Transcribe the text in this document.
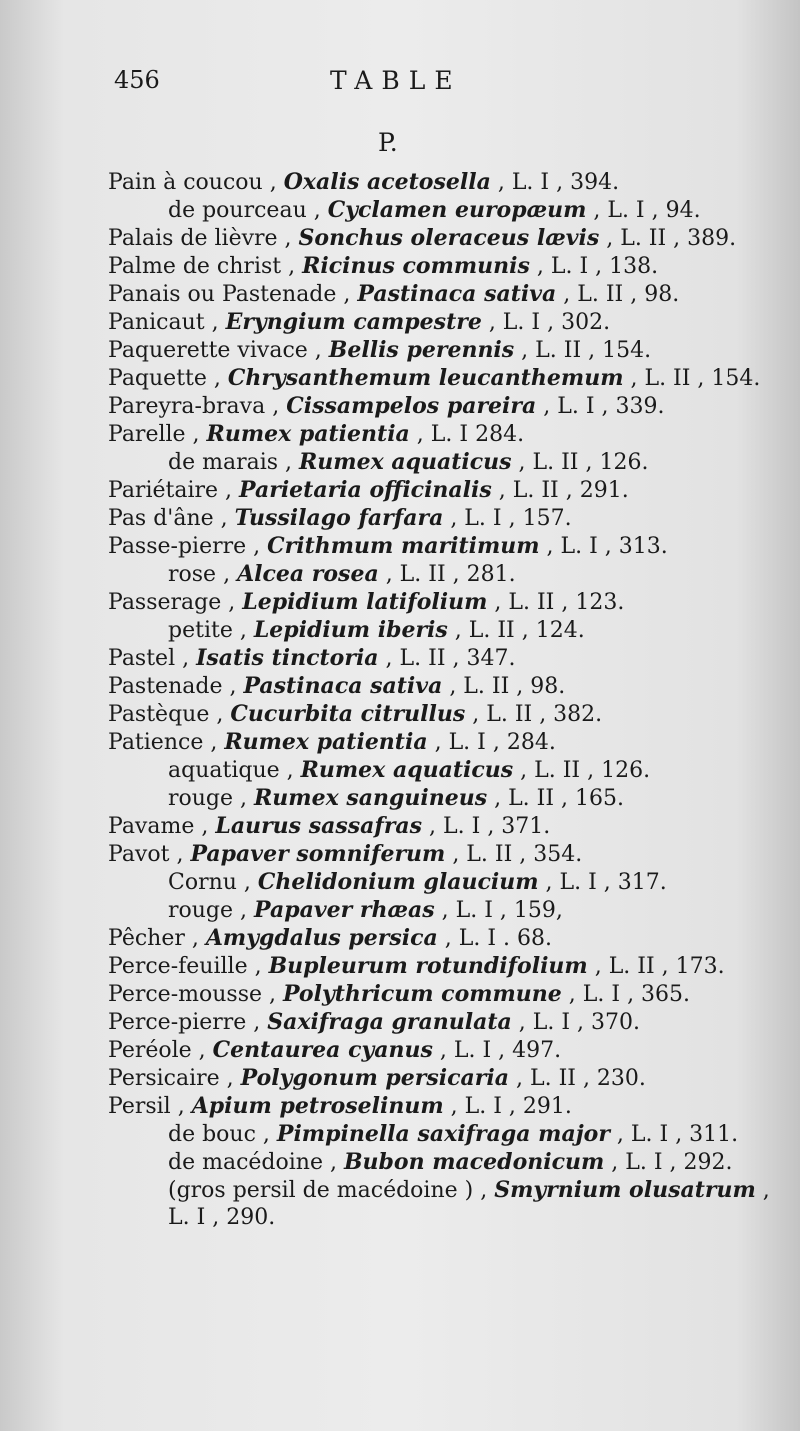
456	TABLE
P.
Pain à coucou , Oxalis acetosella , L. I , 394.
de pourceau , Cyclamen europæum , L. I , 94.
Palais de lièvre , Sonchus oleraceus lævis , L. II , 389.
Palme de christ , Ricinus communis , L. I , 138.
Panais ou Pastenade , Pastinaca sativa , L. II , 98.
Panicaut , Eryngium campestre , L. I , 302.
Paquerette vivace , Bellis perennis , L. II , 154.
Paquette , Chrysanthemum leucanthemum , L. II , 154.
Pareyra-brava , Cissampelos pareira , L. I , 339.
Parelle , Rumex patientia , L. I 284.
de marais , Rumex aquaticus , L. II , 126.
Pariétaire , Parietaria officinalis , L. II , 291.
Pas d'âne , Tussilago farfara , L. I , 157.
Passe-pierre , Crithmum maritimum , L. I , 313.
rose , Alcea rosea , L. II , 281.
Passerage , Lepidium latifolium , L. II , 123.
petite , Lepidium iberis , L. II , 124.
Pastel , Isatis tinctoria , L. II , 347.
Pastenade , Pastinaca sativa , L. II , 98.
Pastèque , Cucurbita citrullus , L. II , 382.
Patience , Rumex patientia , L. I , 284.
aquatique , Rumex aquaticus , L. II , 126.
rouge , Rumex sanguineus , L. II , 165.
Pavame , Laurus sassafras , L. I , 371.
Pavot , Papaver somniferum , L. II , 354.
Cornu , Chelidonium glaucium , L. I , 317.
rouge , Papaver rhæas , L. I , 159,
Pêcher , Amygdalus persica , L. I . 68.
Perce-feuille , Bupleurum rotundifolium , L. II , 173.
Perce-mousse , Polythricum commune , L. I , 365.
Perce-pierre , Saxifraga granulata , L. I , 370.
Peréole , Centaurea cyanus , L. I , 497.
Persicaire , Polygonum persicaria , L. II , 230.
Persil , Apium petroselinum , L. I , 291.
de bouc , Pimpinella saxifraga major , L. I , 311.
de macédoine , Bubon macedonicum , L. I , 292.
(gros persil de macédoine ) , Smyrnium olusatrum ,
L. I , 290.
